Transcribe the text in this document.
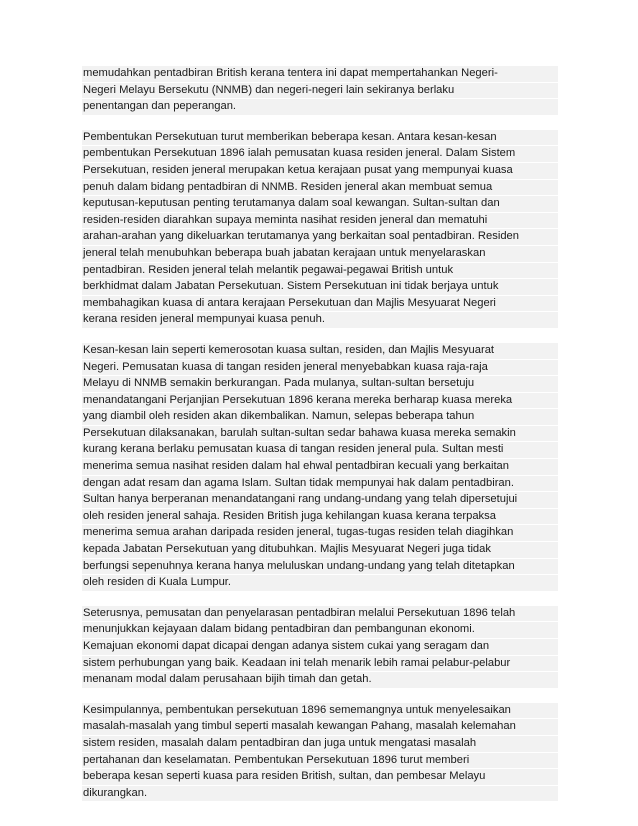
memudahkan pentadbiran British kerana tentera ini dapat mempertahankan Negeri-
Negeri Melayu Bersekutu (NNMB) dan negeri-negeri lain sekiranya berlaku
penentangan dan peperangan.
Pembentukan Persekutuan turut memberikan beberapa kesan. Antara kesan-kesan
pembentukan Persekutuan 1896 ialah pemusatan kuasa residen jeneral. Dalam Sistem
Persekutuan, residen jeneral merupakan ketua kerajaan pusat yang mempunyai kuasa
penuh dalam bidang pentadbiran di NNMB. Residen jeneral akan membuat semua
keputusan-keputusan penting terutamanya dalam soal kewangan. Sultan-sultan dan
residen-residen diarahkan supaya meminta nasihat residen jeneral dan mematuhi
arahan-arahan yang dikeluarkan terutamanya yang berkaitan soal pentadbiran. Residen
jeneral telah menubuhkan beberapa buah jabatan kerajaan untuk menyelaraskan
pentadbiran. Residen jeneral telah melantik pegawai-pegawai British untuk
berkhidmat dalam Jabatan Persekutuan. Sistem Persekutuan ini tidak berjaya untuk
membahagikan kuasa di antara kerajaan Persekutuan dan Majlis Mesyuarat Negeri
kerana residen jeneral mempunyai kuasa penuh.
Kesan-kesan lain seperti kemerosotan kuasa sultan, residen, dan Majlis Mesyuarat
Negeri. Pemusatan kuasa di tangan residen jeneral menyebabkan kuasa raja-raja
Melayu di NNMB semakin berkurangan. Pada mulanya, sultan-sultan bersetuju
menandatangani Perjanjian Persekutuan 1896 kerana mereka berharap kuasa mereka
yang diambil oleh residen akan dikembalikan. Namun, selepas beberapa tahun
Persekutuan dilaksanakan, barulah sultan-sultan sedar bahawa kuasa mereka semakin
kurang kerana berlaku pemusatan kuasa di tangan residen jeneral pula. Sultan mesti
menerima semua nasihat residen dalam hal ehwal pentadbiran kecuali yang berkaitan
dengan adat resam dan agama Islam. Sultan tidak mempunyai hak dalam pentadbiran.
Sultan hanya berperanan menandatangani rang undang-undang yang telah dipersetujui
oleh residen jeneral sahaja. Residen British juga kehilangan kuasa kerana terpaksa
menerima semua arahan daripada residen jeneral, tugas-tugas residen telah diagihkan
kepada Jabatan Persekutuan yang ditubuhkan. Majlis Mesyuarat Negeri juga tidak
berfungsi sepenuhnya kerana hanya meluluskan undang-undang yang telah ditetapkan
oleh residen di Kuala Lumpur.
Seterusnya, pemusatan dan penyelarasan pentadbiran melalui Persekutuan 1896 telah
menunjukkan kejayaan dalam bidang pentadbiran dan pembangunan ekonomi.
Kemajuan ekonomi dapat dicapai dengan adanya sistem cukai yang seragam dan
sistem perhubungan yang baik. Keadaan ini telah menarik lebih ramai pelabur-pelabur
menanam modal dalam perusahaan bijih timah dan getah.
Kesimpulannya, pembentukan persekutuan 1896 sememangnya untuk menyelesaikan
masalah-masalah yang timbul seperti masalah kewangan Pahang, masalah kelemahan
sistem residen, masalah dalam pentadbiran dan juga untuk mengatasi masalah
pertahanan dan keselamatan. Pembentukan Persekutuan 1896 turut memberi
beberapa kesan seperti kuasa para residen British, sultan, dan pembesar Melayu
dikurangkan.
